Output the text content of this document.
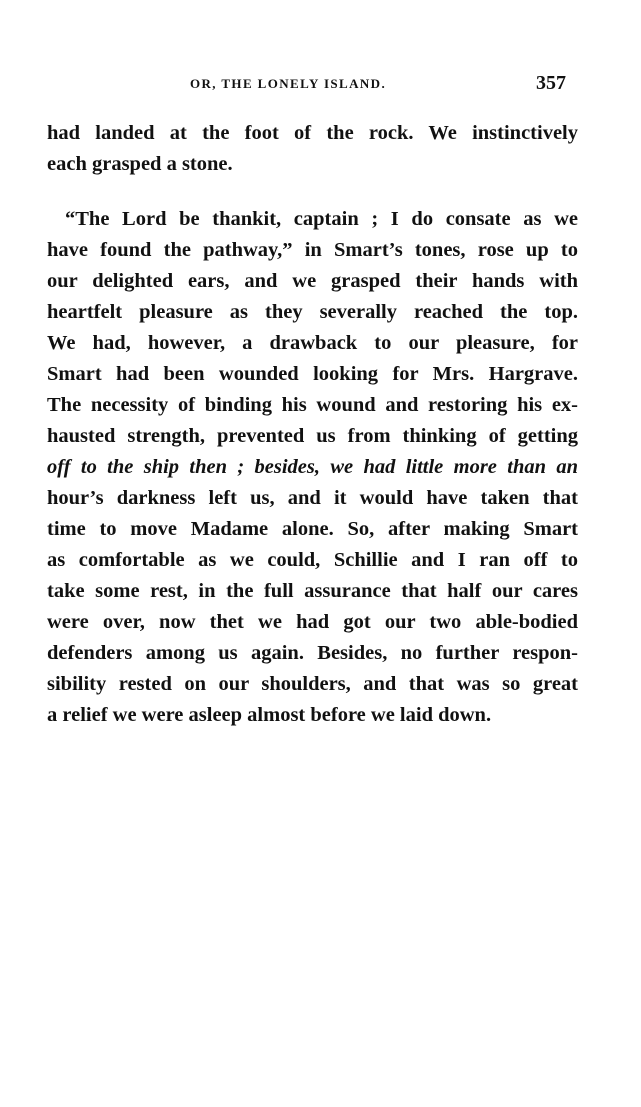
OR, THE LONELY ISLAND.	357

had landed at the foot of the rock. We instinctively
each grasped a stone.

“The Lord be thankit, captain ; I do consate as we
have found the pathway,” in Smart’s tones, rose up to
our delighted ears, and we grasped their hands with
heartfelt pleasure as they severally reached the top.
We had, however, a drawback to our pleasure, for
Smart had been wounded looking for Mrs. Hargrave.
The necessity of binding his wound and restoring his ex-
hausted strength, prevented us from thinking of getting
off to the ship then ; besides, we had little more than an
hour’s darkness left us, and it would have taken that
time to move Madame alone. So, after making Smart
as comfortable as we could, Schillie and I ran off to
take some rest, in the full assurance that half our cares
were over, now thet we had got our two able-bodied
defenders among us again. Besides, no further respon-
sibility rested on our shoulders, and that was so great
a relief we were asleep almost before we laid down.
